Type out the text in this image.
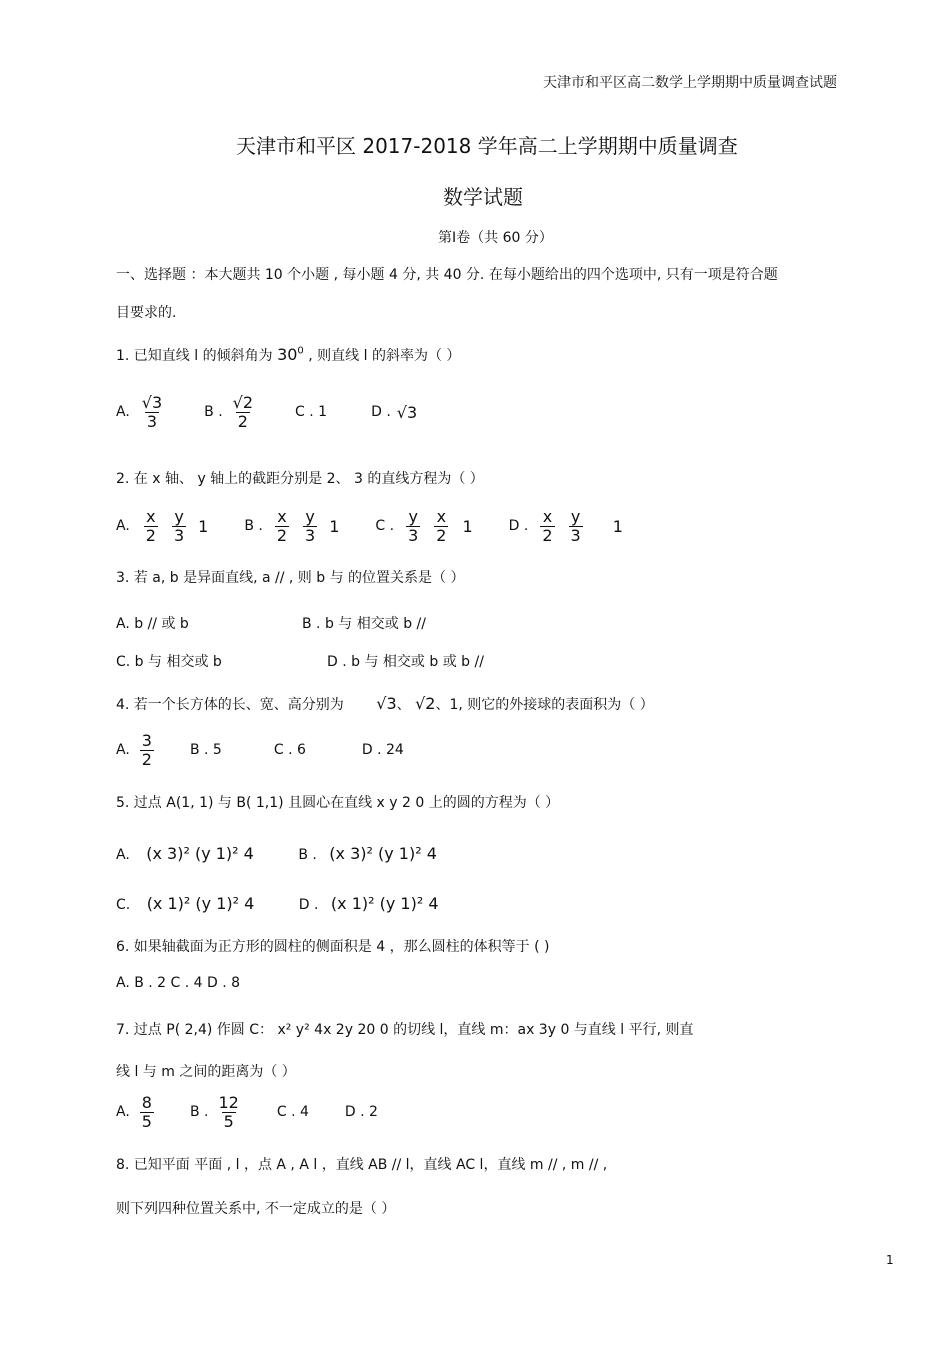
天津市和平区高二数学上学期期中质量调查试题
天津市和平区 2017-2018 学年高二上学期期中质量调查
数学试题
第Ⅰ卷（共 60 分）
一、选择题 ：本大题共 10 个小题 , 每小题 4 分, 共 40 分. 在每小题给出的四个选项中, 只有一项是符合题
目要求的.
1. 已知直线 l 的倾斜角为 $30^0$ , 则直线 l 的斜率为（ ）
A. $\frac{√3}{3}$	B . $\frac{√2}{2}$	C . 1	D . √3
2. 在 x 轴、 y 轴上的截距分别是 2、 3 的直线方程为（ ）
A. $\frac{x}{2} \frac{y}{3} 1$	B . $\frac{x}{2} \frac{y}{3} 1$	C . $\frac{y}{3} \frac{x}{2} 1$	D . $\frac{x}{2} \frac{y}{3} 1$
3. 若 a, b 是异面直线, a // , 则 b 与 的位置关系是（ ）
A. b // 或 b	B . b 与 相交或 b //
C. b 与 相交或 b	D . b 与 相交或 b 或 b //
4. 若一个长方体的长、宽、高分别为 √3、 √2、1, 则它的外接球的表面积为（ ）
A. $\frac{3}{2}$	B . 5	C . 6	D . 24
5. 过点 A(1, 1) 与 B( 1,1) 且圆心在直线 x y 2 0 上的圆的方程为（ ）
A. (x 3)² (y 1)² 4	B . (x 3)² (y 1)² 4
C. (x 1)² (y 1)² 4	D . (x 1)² (y 1)² 4
6. 如果轴截面为正方形的圆柱的侧面积是 4 ，那么圆柱的体积等于 ( )
A. B . 2 C . 4 D . 8
7. 过点 P( 2,4) 作圆 C： x² y² 4x 2y 20 0 的切线 l，直线 m：ax 3y 0 与直线 l 平行, 则直
线 l 与 m 之间的距离为（ ）
A. $\frac{8}{5}$	B . $\frac{12}{5}$	C . 4	D . 2
8. 已知平面 平面 , l ，点 A , A l ，直线 AB // l，直线 AC l，直线 m // , m // ,
则下列四种位置关系中, 不一定成立的是（ ）
1
